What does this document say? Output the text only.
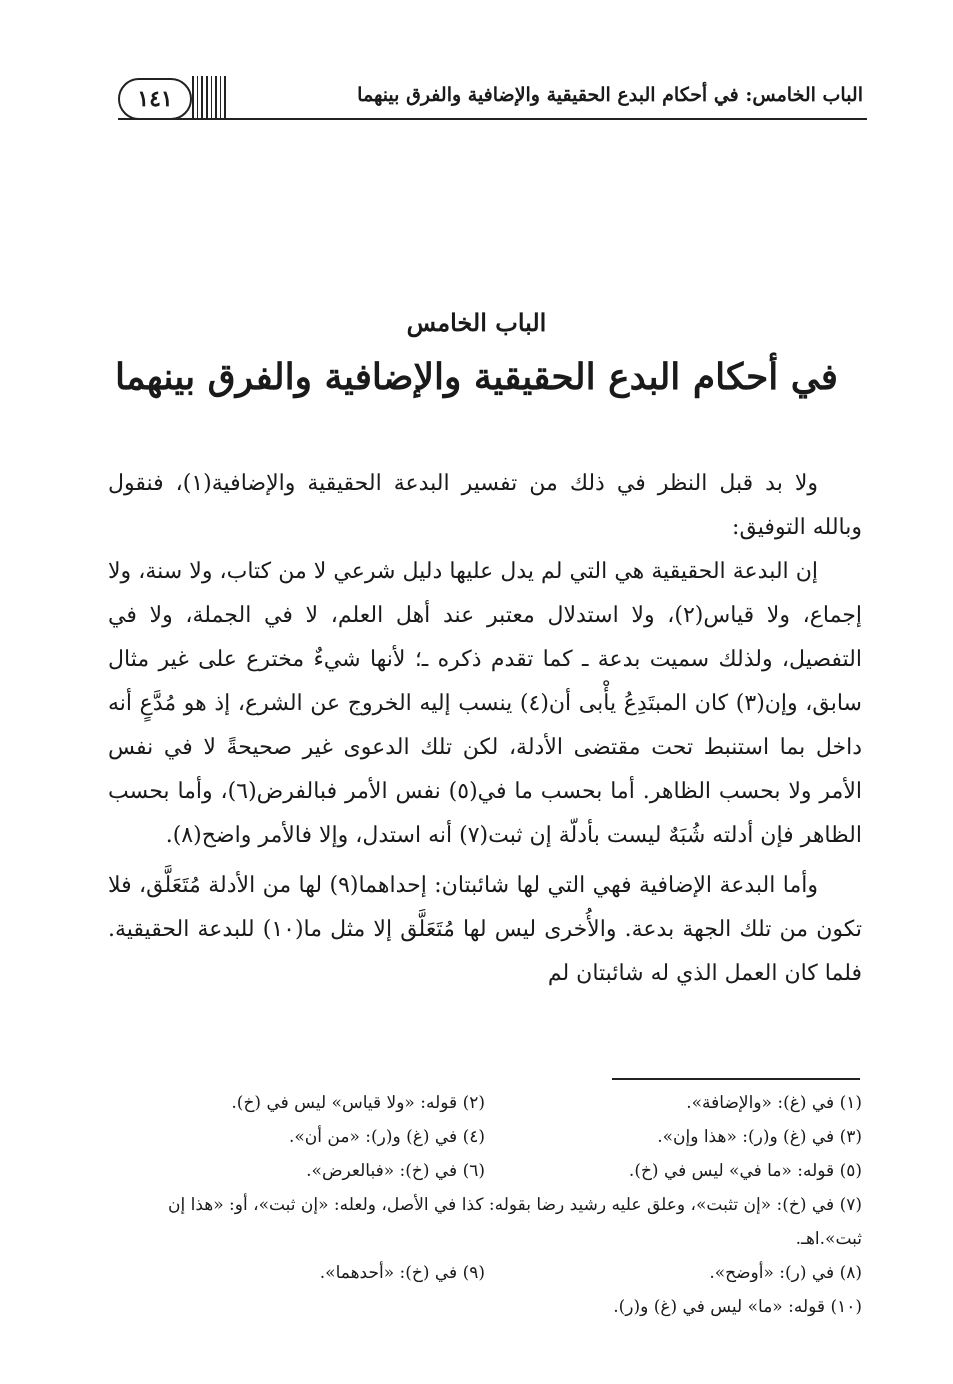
الباب الخامس: في أحكام البدع الحقيقية والإضافية والفرق بينهما
١٤١
الباب الخامس
في أحكام البدع الحقيقية والإضافية والفرق بينهما

ولا بد قبل النظر في ذلك من تفسير البدعة الحقيقية والإضافية(١)، فنقول وبالله التوفيق:

إن البدعة الحقيقية هي التي لم يدل عليها دليل شرعي لا من كتاب، ولا سنة، ولا إجماع، ولا قياس(٢)، ولا استدلال معتبر عند أهل العلم، لا في الجملة، ولا في التفصيل، ولذلك سميت بدعة ـ كما تقدم ذكره ـ؛ لأنها شيءٌ مخترع على غير مثال سابق، وإن(٣) كان المبتَدِعُ يأْبى أن(٤) ينسب إليه الخروج عن الشرع، إذ هو مُدَّعٍ أنه داخل بما استنبط تحت مقتضى الأدلة، لكن تلك الدعوى غير صحيحةً لا في نفس الأمر ولا بحسب الظاهر. أما بحسب ما في(٥) نفس الأمر فبالفرض(٦)، وأما بحسب الظاهر فإن أدلته شُبَهٌ ليست بأدلّة إن ثبت(٧) أنه استدل، وإلا فالأمر واضح(٨).

وأما البدعة الإضافية فهي التي لها شائبتان: إحداهما(٩) لها من الأدلة مُتَعَلَّق، فلا تكون من تلك الجهة بدعة. والأُخرى ليس لها مُتَعَلَّق إلا مثل ما(١٠) للبدعة الحقيقية. فلما كان العمل الذي له شائبتان لم

(١) في (غ): «والإضافة».
(٢) قوله: «ولا قياس» ليس في (خ).
(٣) في (غ) و(ر): «هذا وإن».
(٤) في (غ) و(ر): «من أن».
(٥) قوله: «ما في» ليس في (خ).
(٦) في (خ): «فبالعرض».
(٧) في (خ): «إن تثبت»، وعلق عليه رشيد رضا بقوله: كذا في الأصل، ولعله: «إن ثبت»، أو: «هذا إن ثبت».اهـ.
(٨) في (ر): «أوضح».
(٩) في (خ): «أحدهما».
(١٠) قوله: «ما» ليس في (غ) و(ر).
